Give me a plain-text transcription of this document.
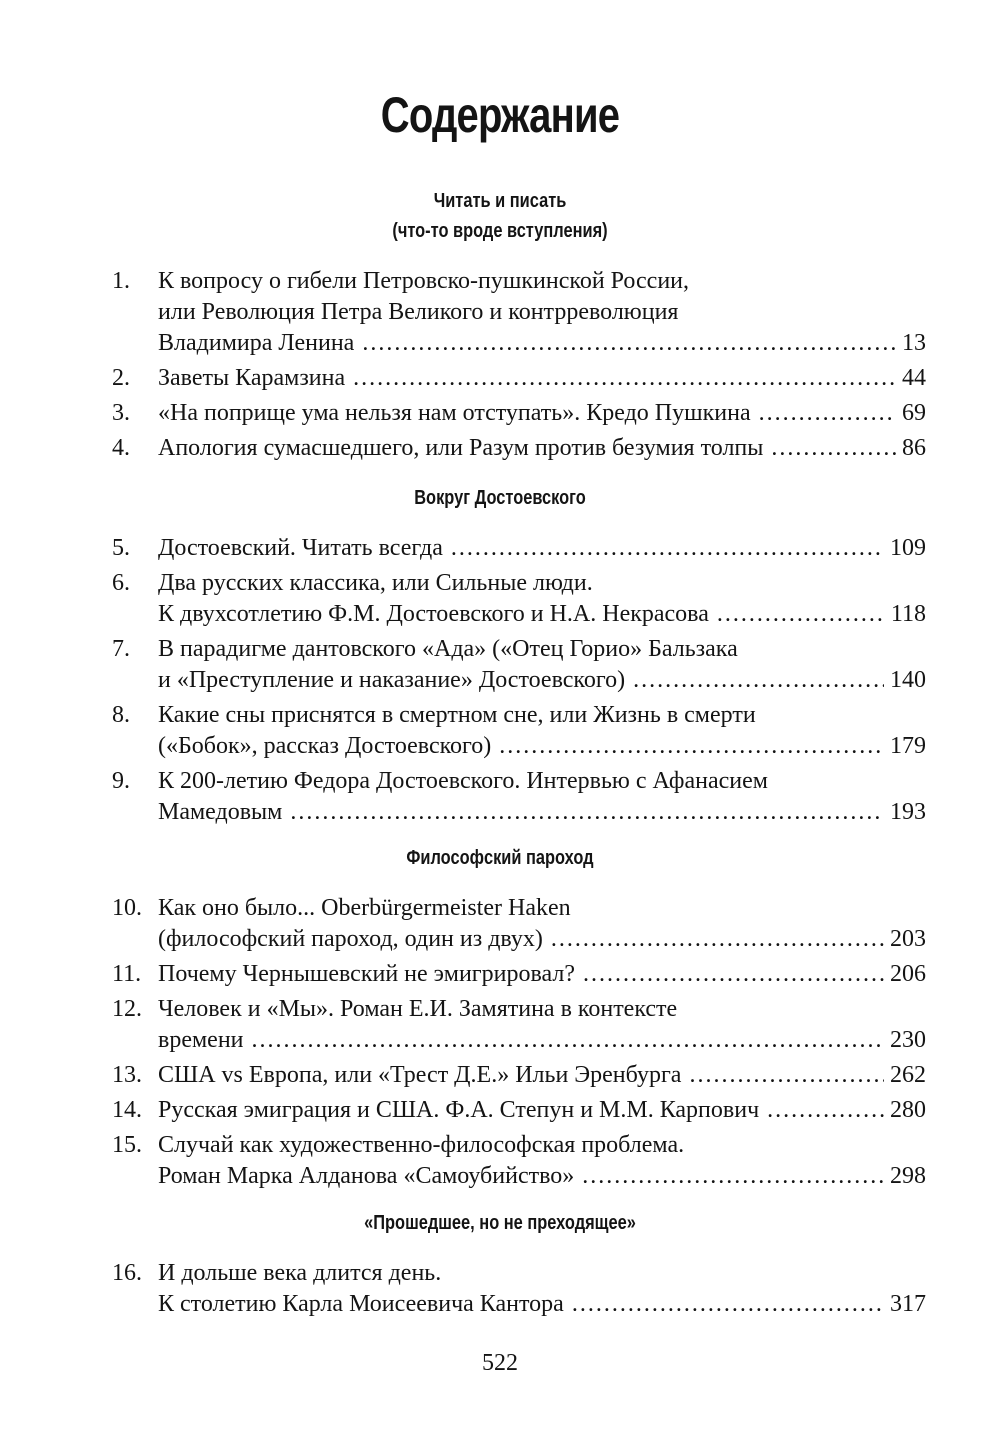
Содержание
Читать и писать
(что-то вроде вступления)
1. К вопросу о гибели Петровско-пушкинской России,
или Революция Петра Великого и контрреволюция
Владимира Ленина . . .	13
2. Заветы Карамзина . . .	44
3. «На поприще ума нельзя нам отступать». Кредо Пушкина . . .	69
4. Апология сумасшедшего, или Разум против безумия толпы . . .	86
Вокруг Достоевского
5. Достоевский. Читать всегда . . .	109
6. Два русских классика, или Сильные люди.
К двухсотлетию Ф.М. Достоевского и Н.А. Некрасова . . .	118
7. В парадигме дантовского «Ада» («Отец Горио» Бальзака
и «Преступление и наказание» Достоевского) . . .	140
8. Какие сны приснятся в смертном сне, или Жизнь в смерти
(«Бобок», рассказ Достоевского) . . .	179
9. К 200-летию Федора Достоевского. Интервью с Афанасием
Мамедовым . . .	193
Философский пароход
10. Как оно было... Oberbürgermeister Haken
(философский пароход, один из двух) . . .	203
11. Почему Чернышевский не эмигрировал? . . .	206
12. Человек и «Мы». Роман Е.И. Замятина в контексте
времени . . .	230
13. США vs Европа, или «Трест Д.Е.» Ильи Эренбурга . . .	262
14. Русская эмиграция и США. Ф.А. Степун и М.М. Карпович . . .	280
15. Случай как художественно-философская проблема.
Роман Марка Алданова «Самоубийство» . . .	298
«Прошедшее, но не преходящее»
16. И дольше века длится день.
К столетию Карла Моисеевича Кантора . . .	317
522
